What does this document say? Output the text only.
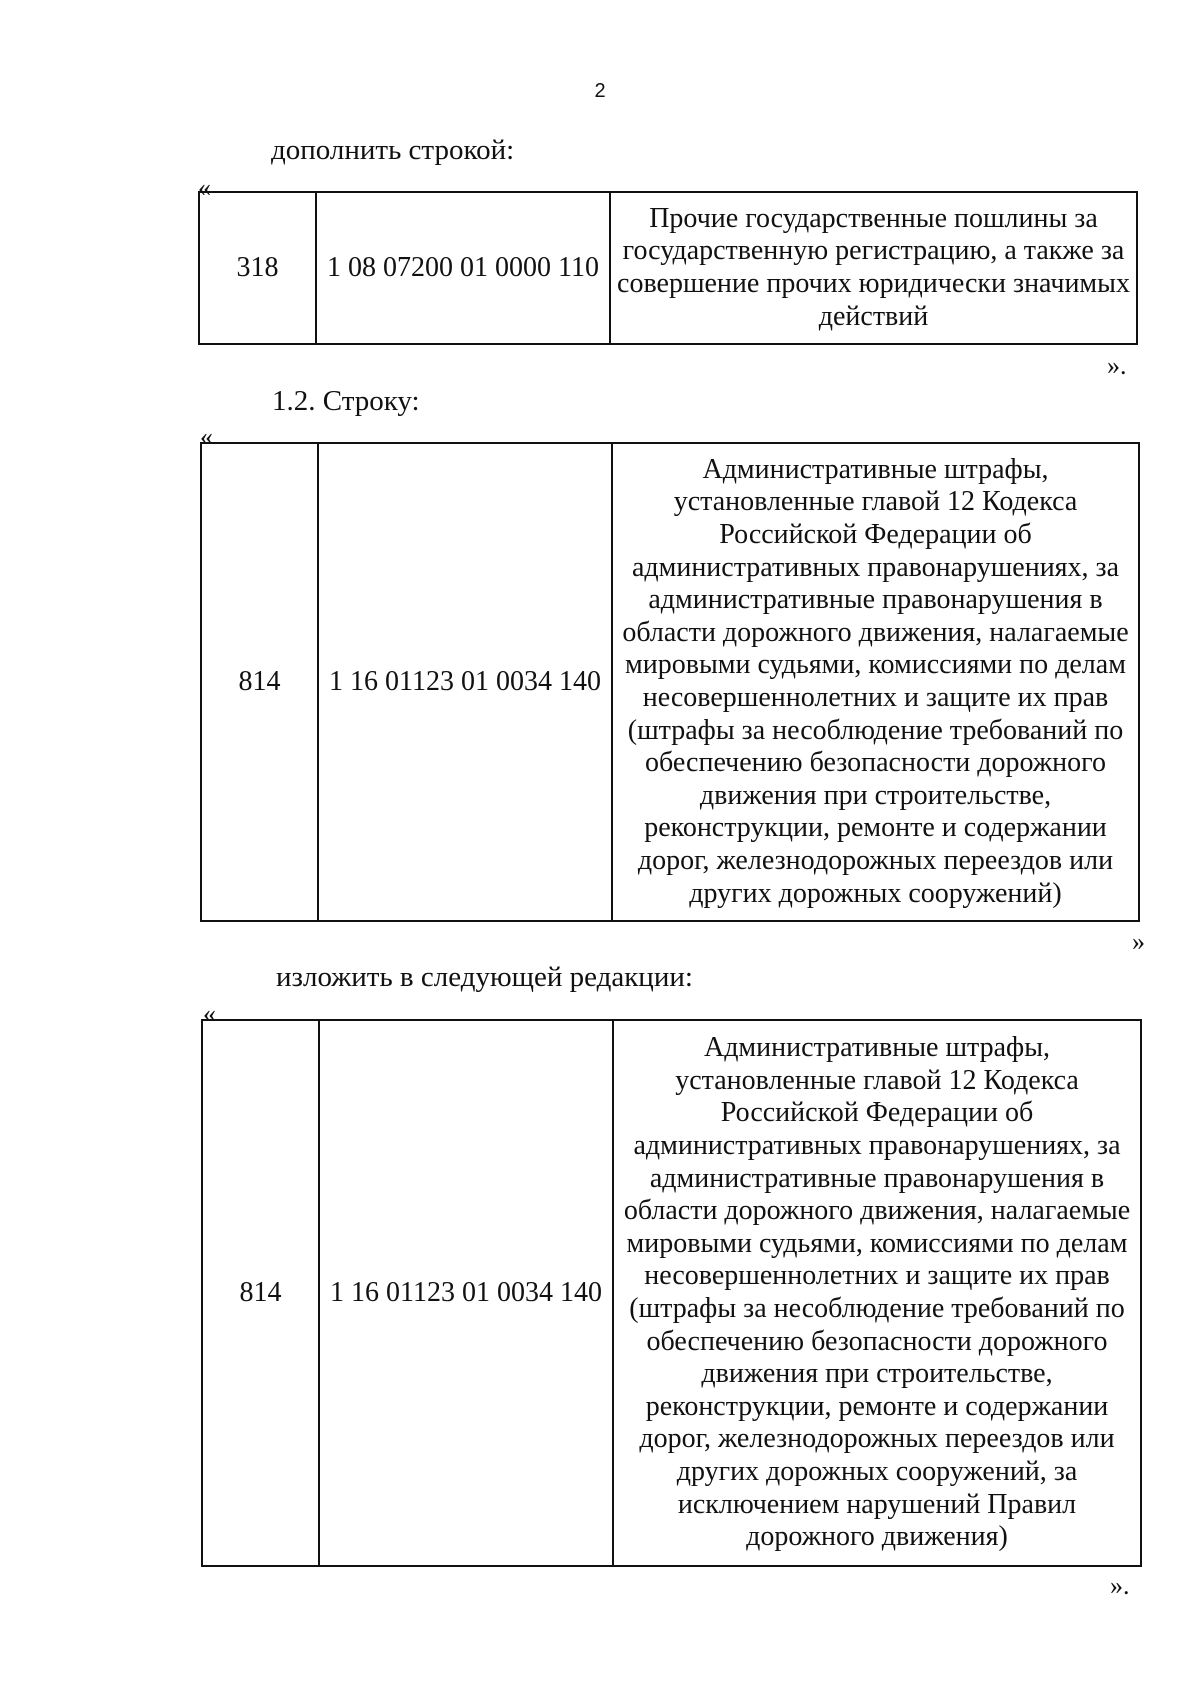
2
дополнить строкой:
«
318	1 08 07200 01 0000 110	Прочие государственные пошлины за государственную регистрацию, а также за совершение прочих юридически значимых действий
».
1.2. Строку:
«
814	1 16 01123 01 0034 140	Административные штрафы, установленные главой 12 Кодекса Российской Федерации об административных правонарушениях, за административные правонарушения в области дорожного движения, налагаемые мировыми судьями, комиссиями по делам несовершеннолетних и защите их прав (штрафы за несоблюдение требований по обеспечению безопасности дорожного движения при строительстве, реконструкции, ремонте и содержании дорог, железнодорожных переездов или других дорожных сооружений)
»
изложить в следующей редакции:
«
814	1 16 01123 01 0034 140	Административные штрафы, установленные главой 12 Кодекса Российской Федерации об административных правонарушениях, за административные правонарушения в области дорожного движения, налагаемые мировыми судьями, комиссиями по делам несовершеннолетних и защите их прав (штрафы за несоблюдение требований по обеспечению безопасности дорожного движения при строительстве, реконструкции, ремонте и содержании дорог, железнодорожных переездов или других дорожных сооружений, за исключением нарушений Правил дорожного движения)
».
